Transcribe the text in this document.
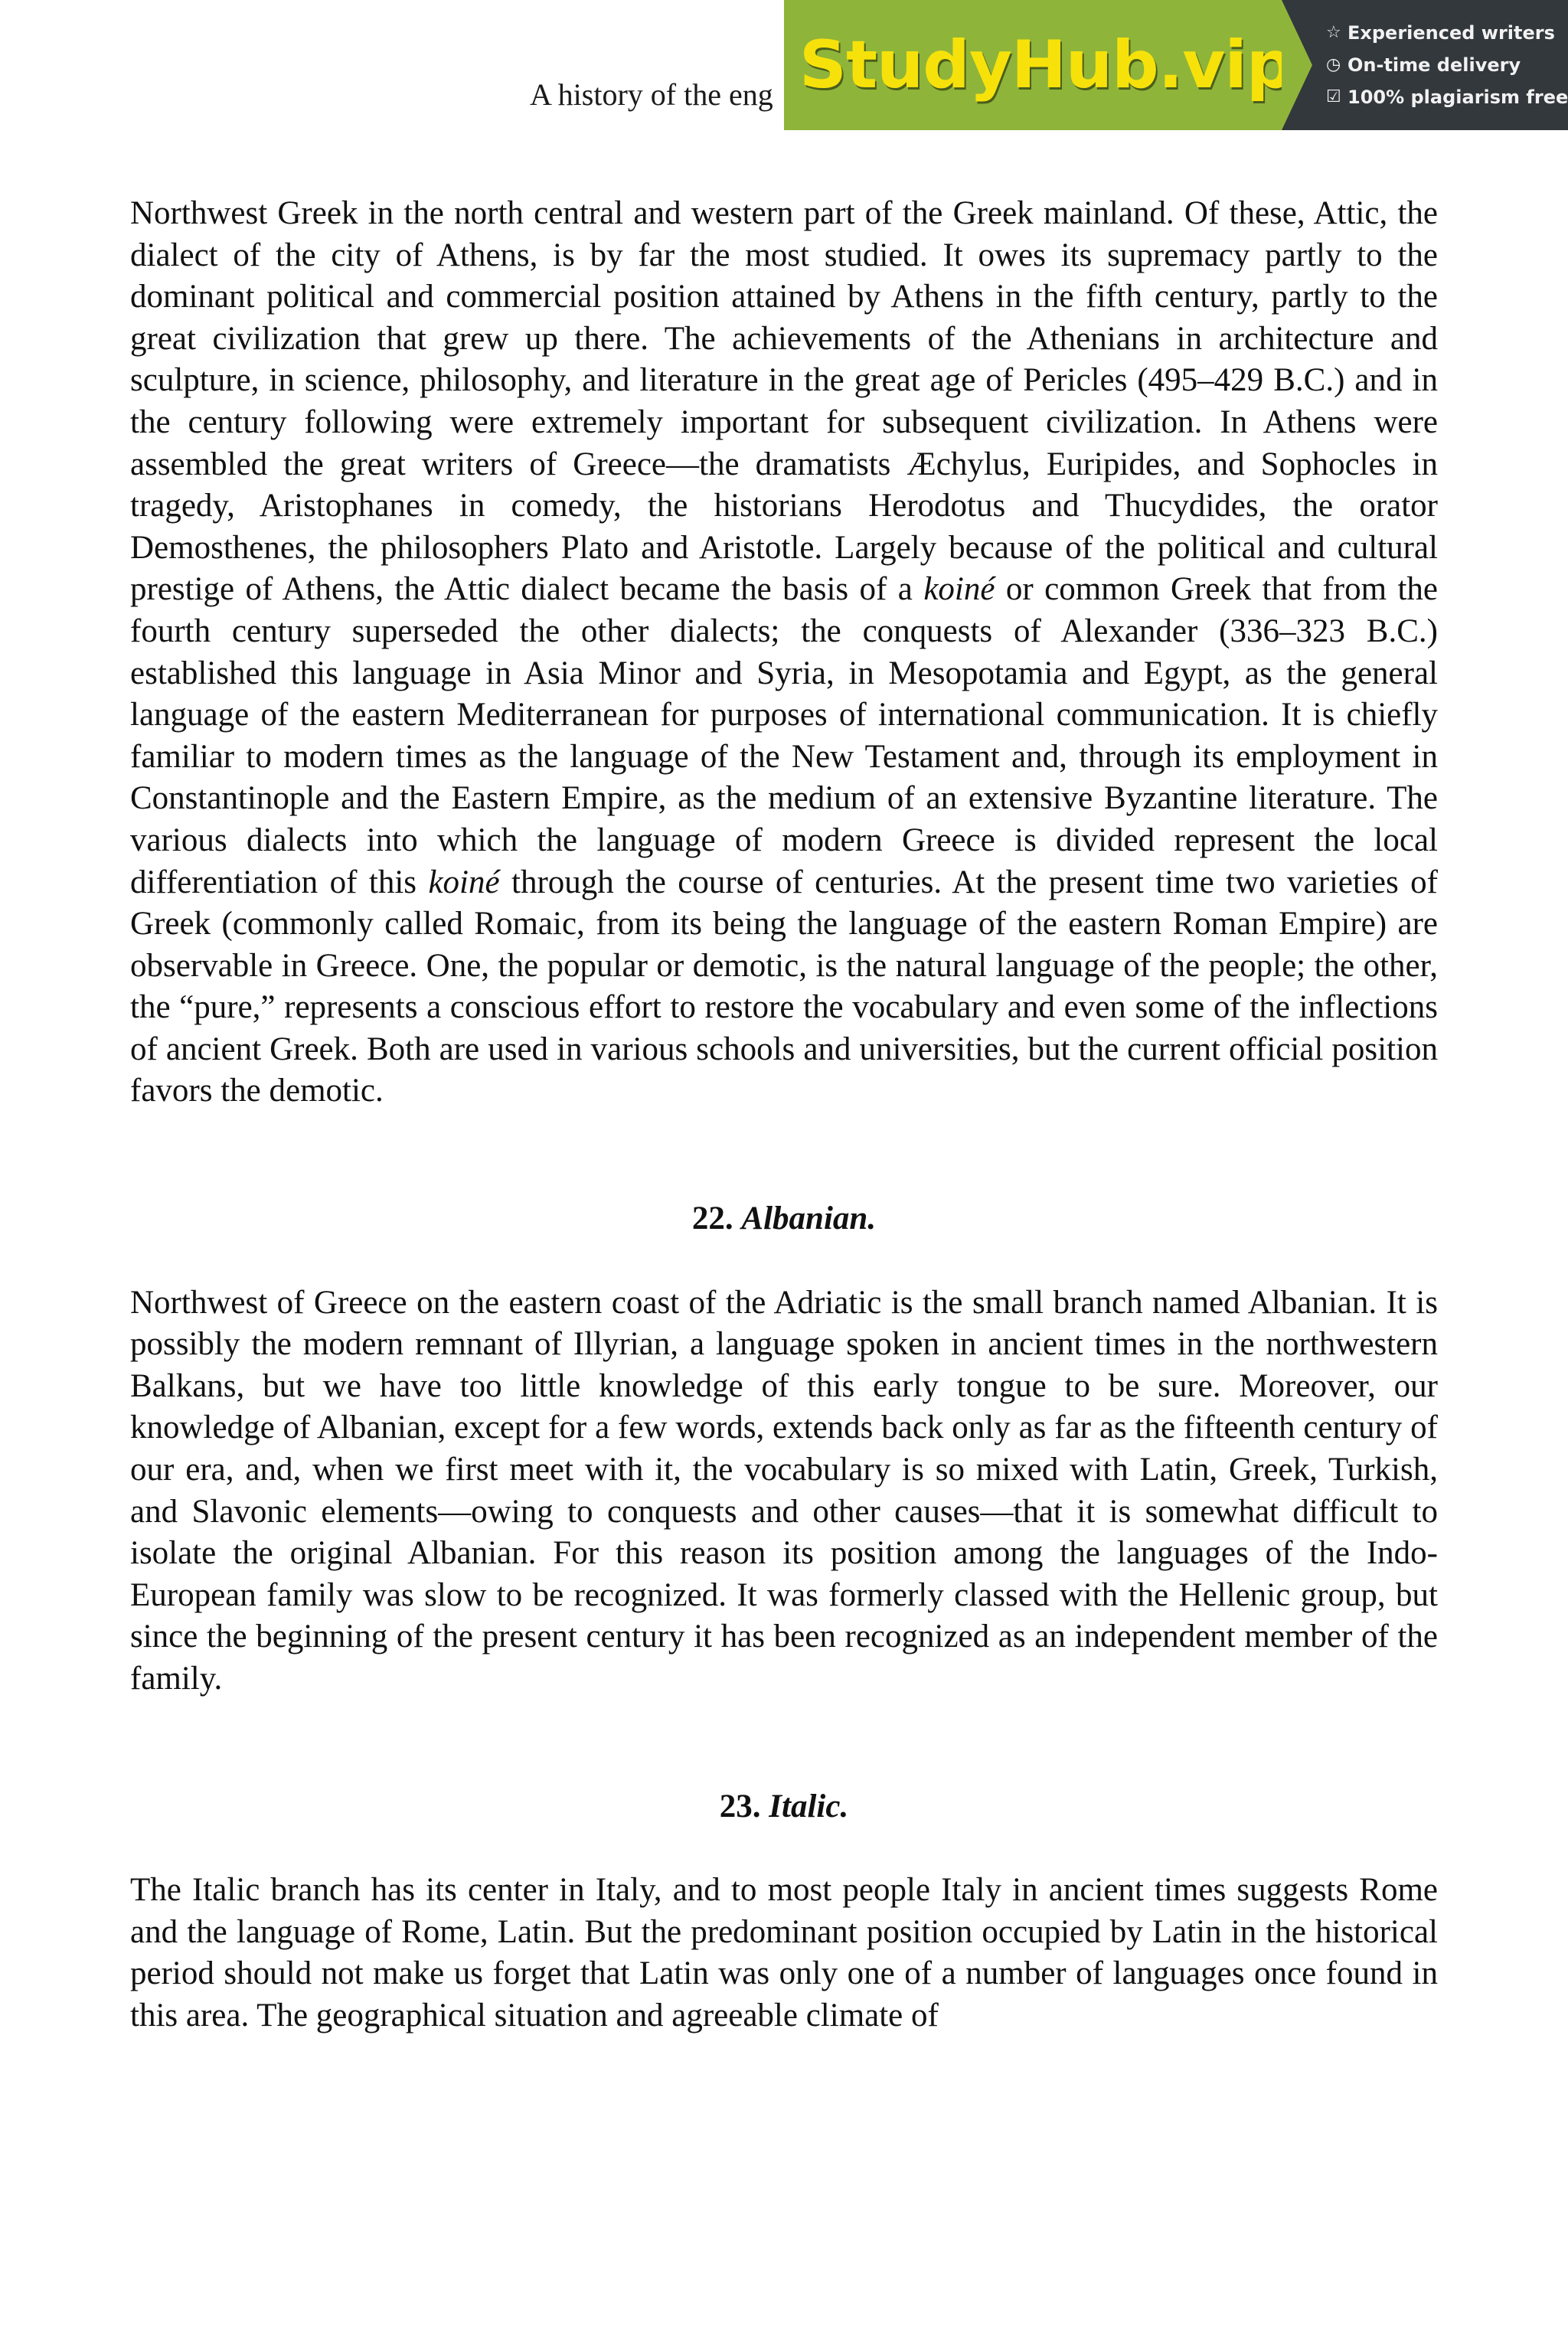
A history of the eng StudyHub.vip ☆ Experienced writers
◷ On-time delivery
☑ 100% plagiarism free

Northwest Greek in the north central and western part of the Greek mainland. Of these, Attic, the dialect of the city of Athens, is by far the most studied. It owes its supremacy partly to the dominant political and commercial position attained by Athens in the fifth century, partly to the great civilization that grew up there. The achievements of the Athenians in architecture and sculpture, in science, philosophy, and literature in the great age of Pericles (495–429 B.C.) and in the century following were extremely important for subsequent civilization. In Athens were assembled the great writers of Greece—the dramatists Æchylus, Euripides, and Sophocles in tragedy, Aristophanes in comedy, the historians Herodotus and Thucydides, the orator Demosthenes, the philosophers Plato and Aristotle. Largely because of the political and cultural prestige of Athens, the Attic dialect became the basis of a koiné or common Greek that from the fourth century superseded the other dialects; the conquests of Alexander (336–323 B.C.) established this language in Asia Minor and Syria, in Mesopotamia and Egypt, as the general language of the eastern Mediterranean for purposes of international communication. It is chiefly familiar to modern times as the language of the New Testament and, through its employment in Constantinople and the Eastern Empire, as the medium of an extensive Byzantine literature. The various dialects into which the language of modern Greece is divided represent the local differentiation of this koiné through the course of centuries. At the present time two varieties of Greek (commonly called Romaic, from its being the language of the eastern Roman Empire) are observable in Greece. One, the popular or demotic, is the natural language of the people; the other, the “pure,” represents a conscious effort to restore the vocabulary and even some of the inflections of ancient Greek. Both are used in various schools and universities, but the current official position favors the demotic.

22. Albanian.

Northwest of Greece on the eastern coast of the Adriatic is the small branch named Albanian. It is possibly the modern remnant of Illyrian, a language spoken in ancient times in the northwestern Balkans, but we have too little knowledge of this early tongue to be sure. Moreover, our knowledge of Albanian, except for a few words, extends back only as far as the fifteenth century of our era, and, when we first meet with it, the vocabulary is so mixed with Latin, Greek, Turkish, and Slavonic elements—owing to conquests and other causes—that it is somewhat difficult to isolate the original Albanian. For this reason its position among the languages of the Indo-European family was slow to be recognized. It was formerly classed with the Hellenic group, but since the beginning of the present century it has been recognized as an independent member of the family.

23. Italic.

The Italic branch has its center in Italy, and to most people Italy in ancient times suggests Rome and the language of Rome, Latin. But the predominant position occupied by Latin in the historical period should not make us forget that Latin was only one of a number of languages once found in this area. The geographical situation and agreeable climate of
